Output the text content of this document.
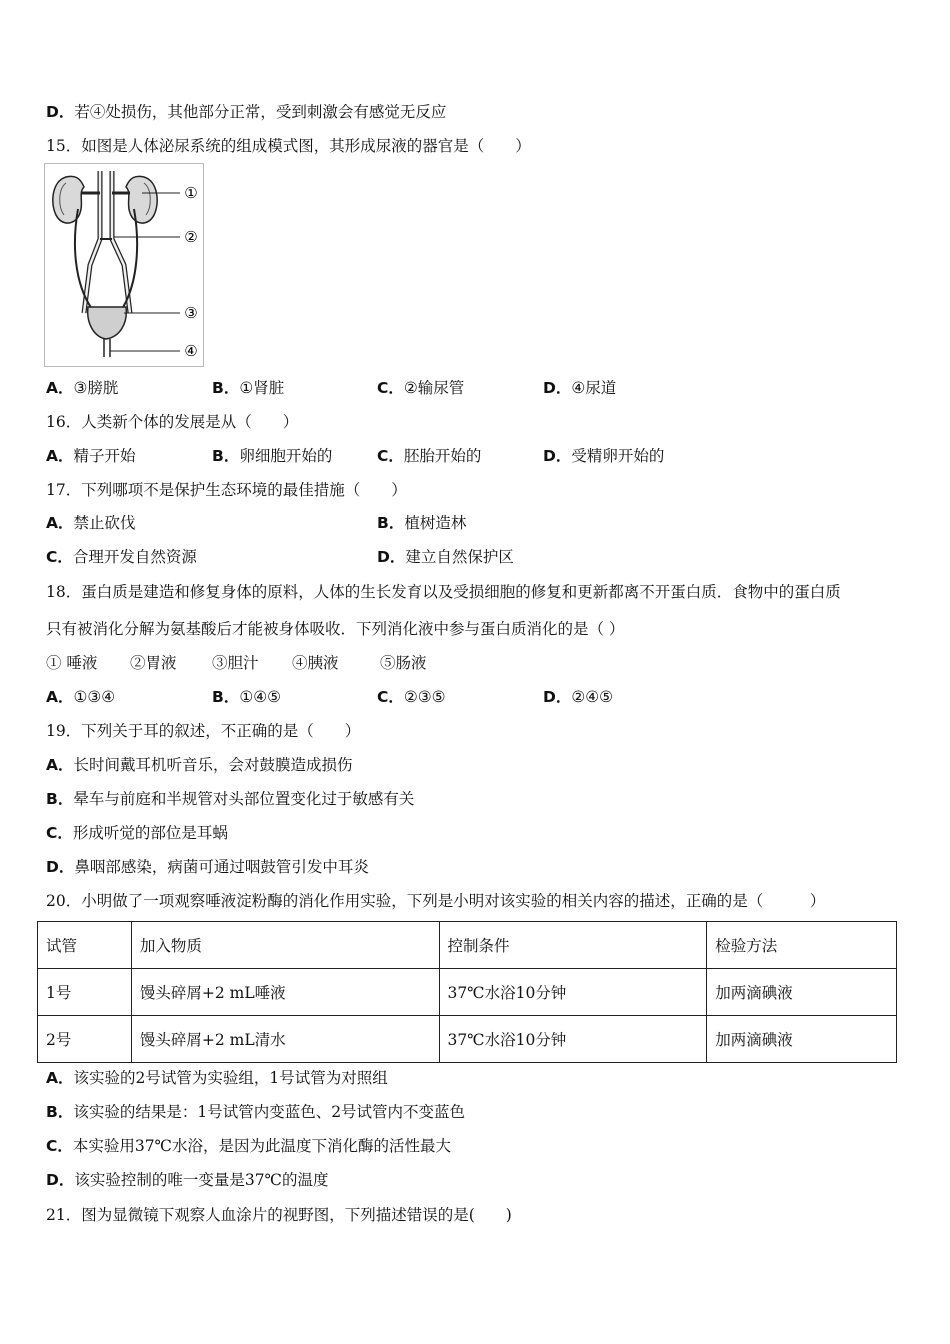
D．若④处损伤，其他部分正常，受到刺激会有感觉无反应
15．如图是人体泌尿系统的组成模式图，其形成尿液的器官是（　　）
①
②
③
④
A．③膀胱	B．①肾脏	C．②输尿管	D．④尿道
16．人类新个体的发展是从（　　）
A．精子开始	B．卵细胞开始的	C．胚胎开始的	D．受精卵开始的
17．下列哪项不是保护生态环境的最佳措施（　　）
A．禁止砍伐	B．植树造林
C．合理开发自然资源	D．建立自然保护区
18．蛋白质是建造和修复身体的原料，人体的生长发育以及受损细胞的修复和更新都离不开蛋白质．食物中的蛋白质
只有被消化分解为氨基酸后才能被身体吸收．下列消化液中参与蛋白质消化的是（ ）
① 唾液 ②胃液 ③胆汁 ④胰液	⑤肠液
A．①③④	B．①④⑤	C．②③⑤	D．②④⑤
19．下列关于耳的叙述，不正确的是（　　）
A．长时间戴耳机听音乐，会对鼓膜造成损伤
B．晕车与前庭和半规管对头部位置变化过于敏感有关
C．形成听觉的部位是耳蜗
D．鼻咽部感染，病菌可通过咽鼓管引发中耳炎
20．小明做了一项观察唾液淀粉酶的消化作用实验，下列是小明对该实验的相关内容的描述，正确的是（　　　）
试管	加入物质	控制条件	检验方法
1号	馒头碎屑+2 mL唾液	37℃水浴10分钟	加两滴碘液
2号	馒头碎屑+2 mL清水	37℃水浴10分钟	加两滴碘液
A．该实验的2号试管为实验组，1号试管为对照组
B．该实验的结果是：1号试管内变蓝色、2号试管内不变蓝色
C．本实验用37℃水浴，是因为此温度下消化酶的活性最大
D．该实验控制的唯一变量是37℃的温度
21．图为显微镜下观察人血涂片的视野图，下列描述错误的是(　　)
